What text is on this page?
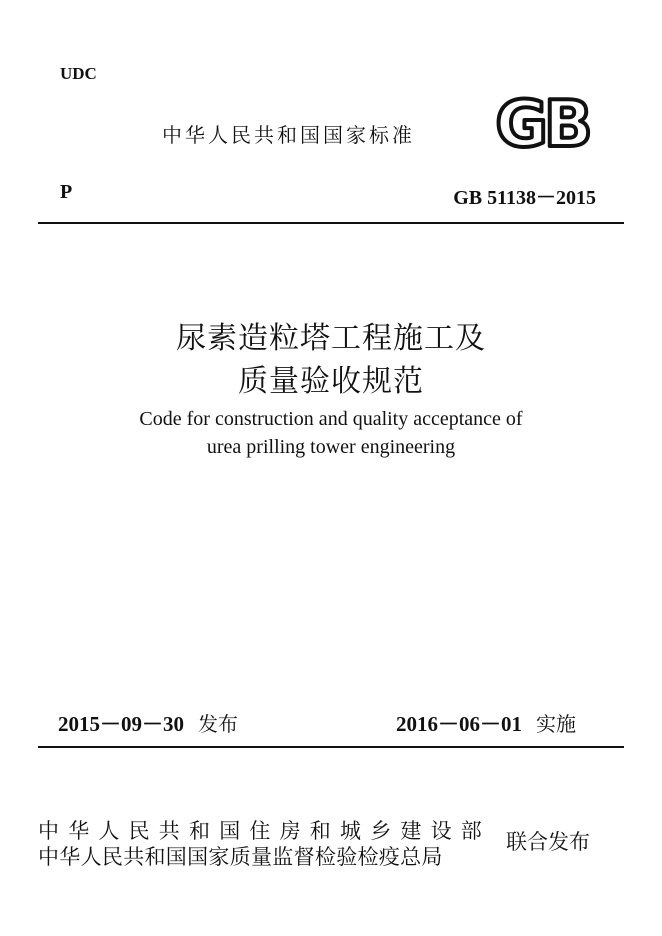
UDC
中华人民共和国国家标准 GB
P	GB 51138－2015
尿素造粒塔工程施工及
质量验收规范
Code for construction and quality acceptance of
urea prilling tower engineering
2015－09－30 发布	2016－06－01 实施
中华人民共和国住房和城乡建设部
中华人民共和国国家质量监督检验检疫总局
联合发布
